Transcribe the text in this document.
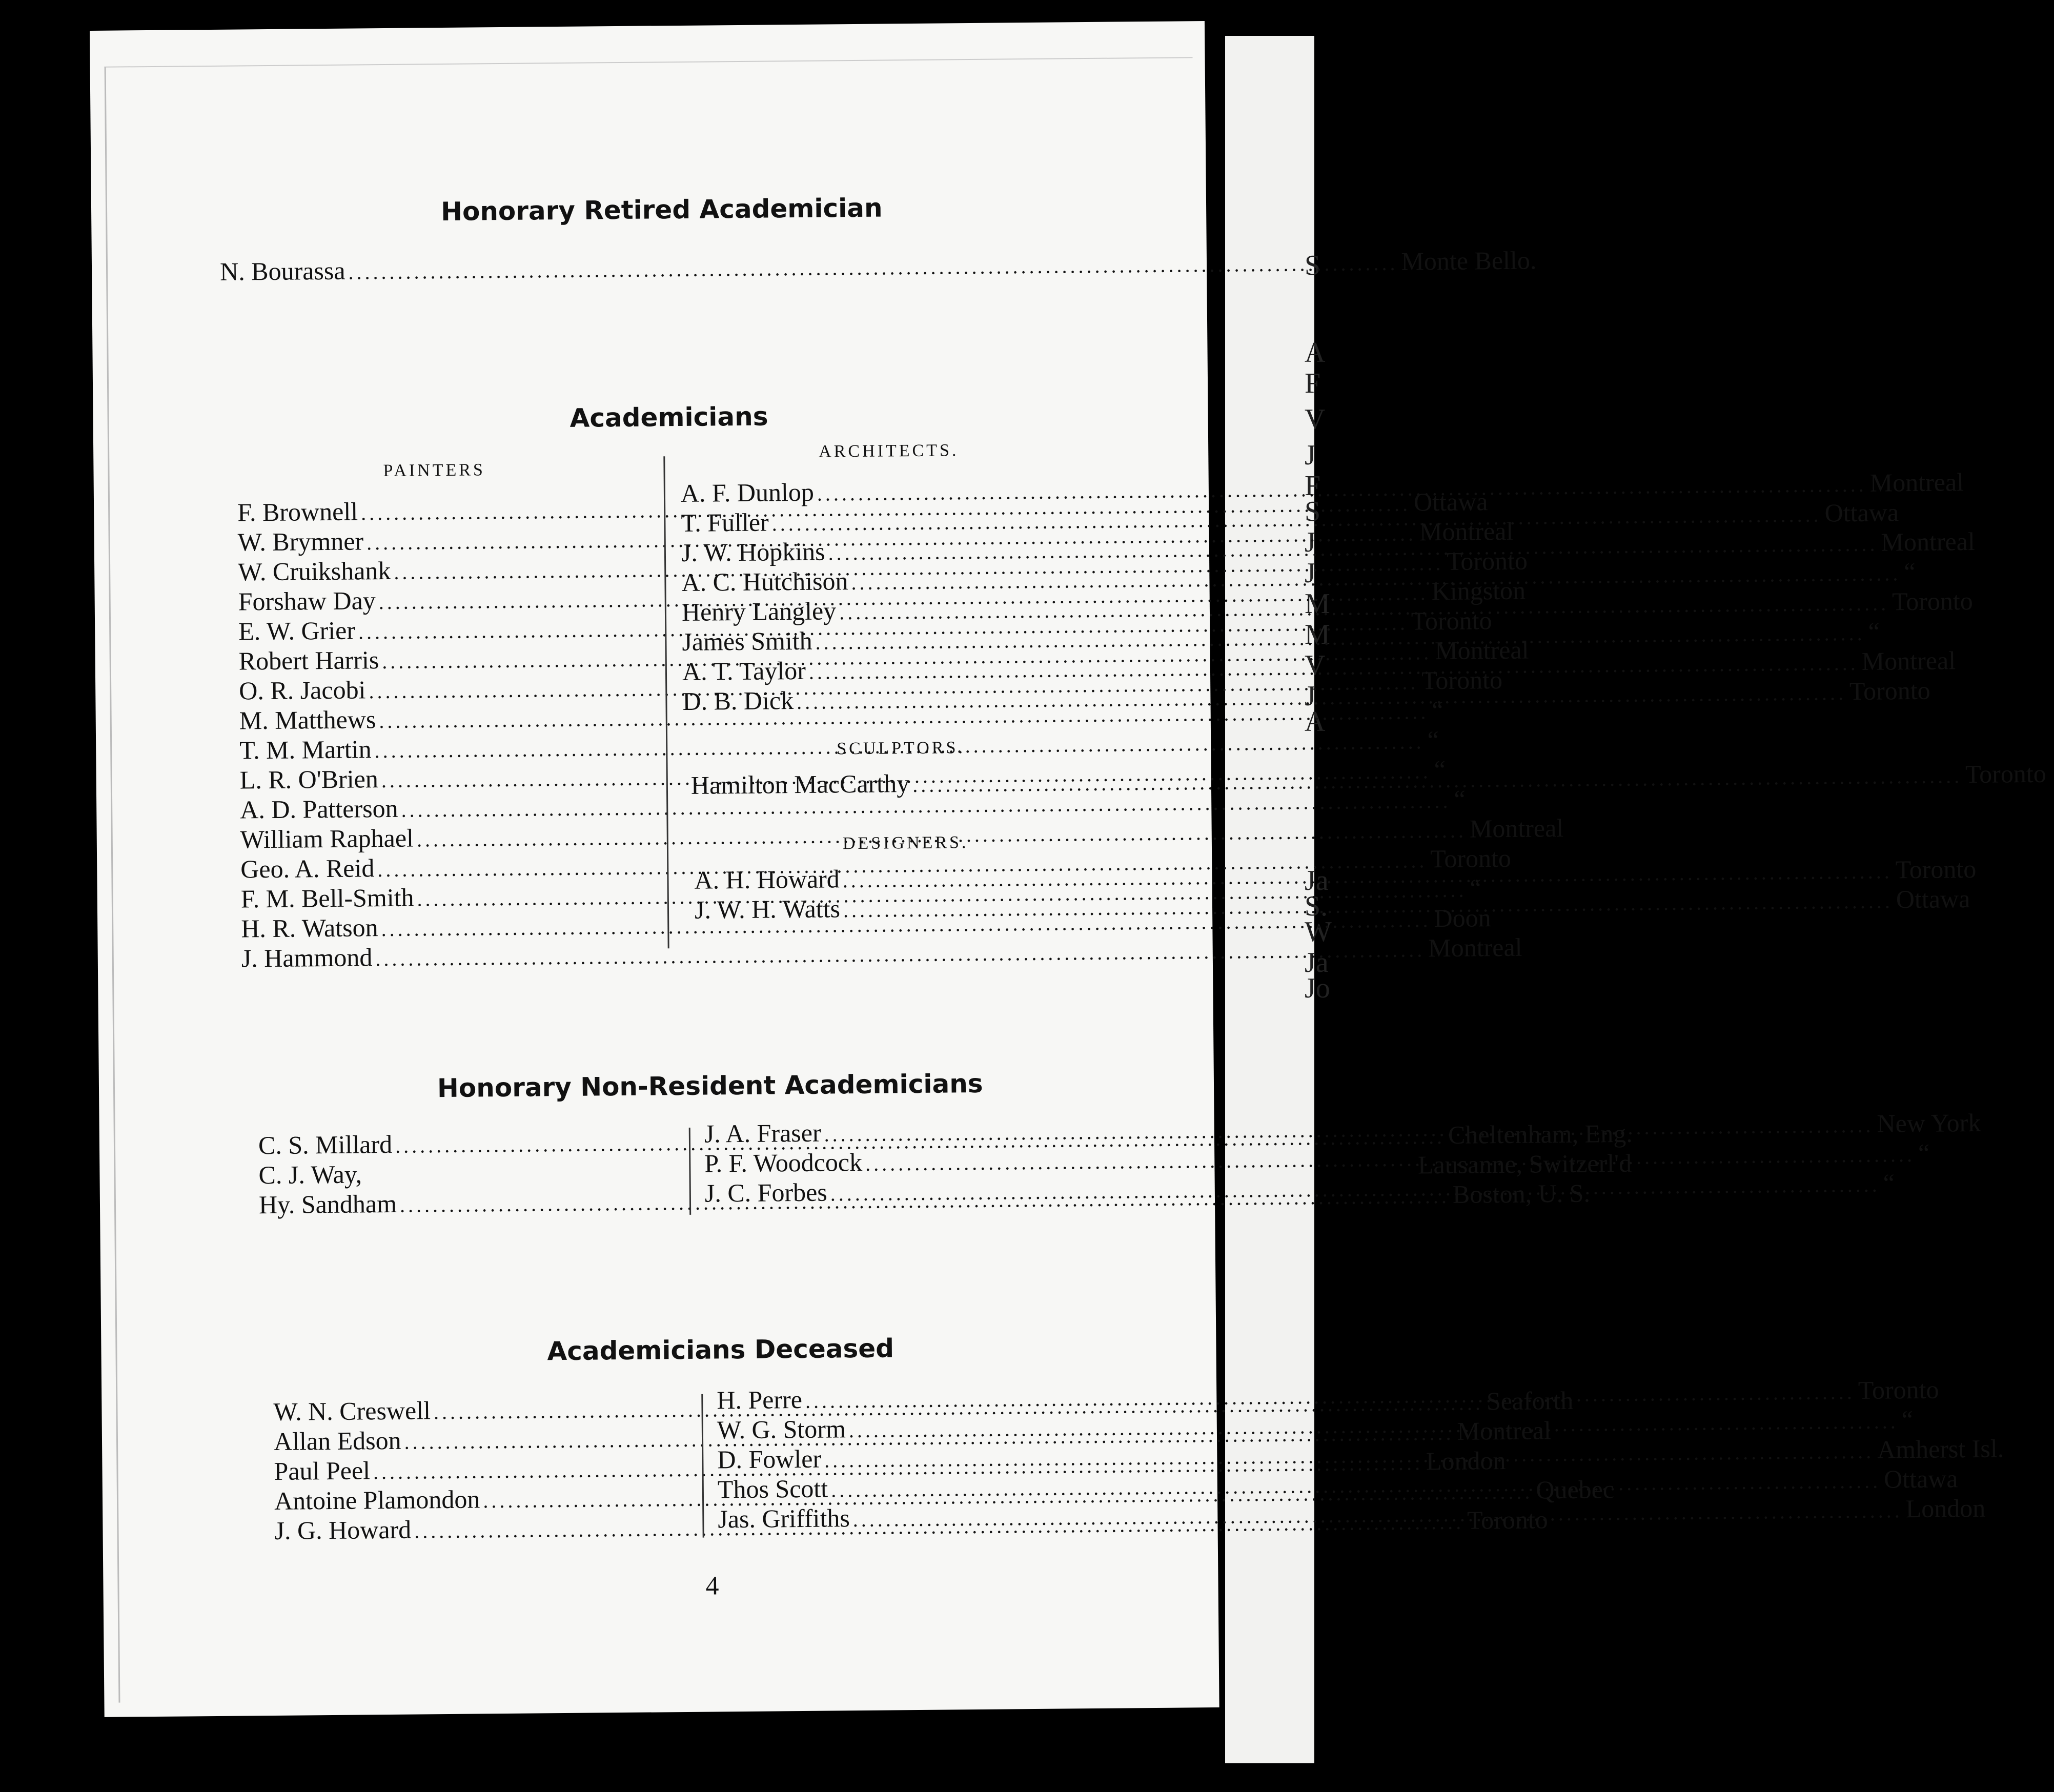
S
A
F
V
J
F
S
J
J
M
M
V
J
A
Ja
S.
W
Ja
Jo
Honorary Retired Academician
N. Bourassa .....	Monte Bello.
Academicians
PAINTERS
F. Brownell .....	Ottawa
W. Brymner .....	Montreal
W. Cruikshank .....	Toronto
Forshaw Day .....	Kingston
E. W. Grier .....	Toronto
Robert Harris .....	Montreal
O. R. Jacobi .....	Toronto
M. Matthews .....	“
T. M. Martin .....	“
L. R. O'Brien .....	“
A. D. Patterson .....	“
William Raphael .....	Montreal
Geo. A. Reid .....	Toronto
F. M. Bell-Smith .....	“
H. R. Watson .....	Doon
J. Hammond .....	Montreal
ARCHITECTS.
A. F. Dunlop .....	Montreal
T. Fuller .....	Ottawa
J. W. Hopkins .....	Montreal
A. C. Hutchison .....	“
Henry Langley .....	Toronto
James Smith .....	“
A. T. Taylor .....	Montreal
D. B. Dick .....	Toronto
SCULPTORS.
Hamilton MacCarthy .....	Toronto
DESIGNERS.
A. H. Howard .....	Toronto
J. W. H. Watts .....	Ottawa
Honorary Non-Resident Academicians
C. S. Millard .....	Cheltenham, Eng.
C. J. Way,	Lausanne, Switzerl'd
Hy. Sandham .....	Boston, U. S.
J. A. Fraser .....	New York
P. F. Woodcock .....	“
J. C. Forbes .....	“
Academicians Deceased
W. N. Creswell .....	Seaforth
Allan Edson .....	Montreal
Paul Peel .....	London
Antoine Plamondon .....	Quebec
J. G. Howard .....	Toronto
H. Perre .....	Toronto
W. G. Storm .....	“
D. Fowler .....	Amherst Isl.
Thos Scott .....	Ottawa
Jas. Griffiths .....	London
4
